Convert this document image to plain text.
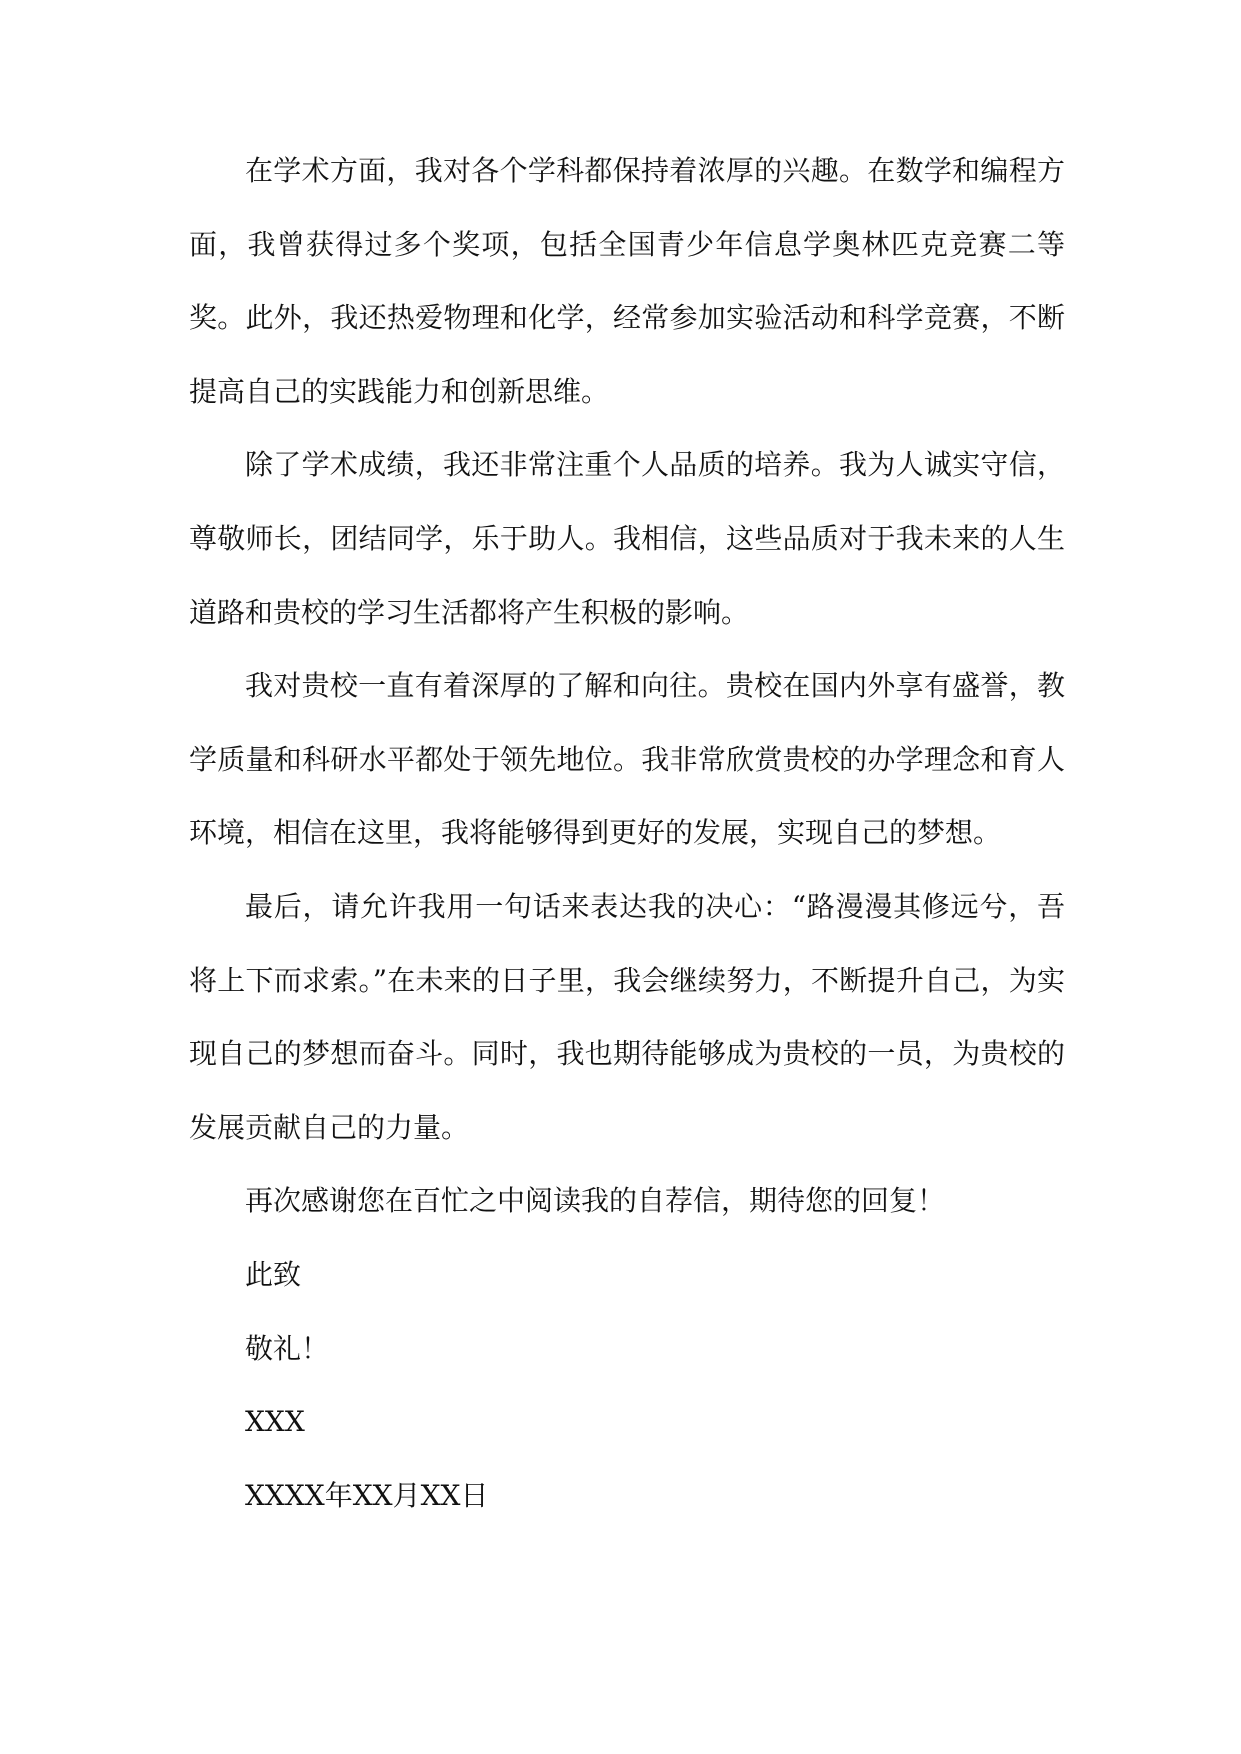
在学术方面，我对各个学科都保持着浓厚的兴趣。在数学和编程方面，我曾获得过多个奖项，包括全国青少年信息学奥林匹克竞赛二等奖。此外，我还热爱物理和化学，经常参加实验活动和科学竞赛，不断提高自己的实践能力和创新思维。

除了学术成绩，我还非常注重个人品质的培养。我为人诚实守信，尊敬师长，团结同学，乐于助人。我相信，这些品质对于我未来的人生道路和贵校的学习生活都将产生积极的影响。

我对贵校一直有着深厚的了解和向往。贵校在国内外享有盛誉，教学质量和科研水平都处于领先地位。我非常欣赏贵校的办学理念和育人环境，相信在这里，我将能够得到更好的发展，实现自己的梦想。

最后，请允许我用一句话来表达我的决心：“路漫漫其修远兮，吾将上下而求索。”在未来的日子里，我会继续努力，不断提升自己，为实现自己的梦想而奋斗。同时，我也期待能够成为贵校的一员，为贵校的发展贡献自己的力量。

再次感谢您在百忙之中阅读我的自荐信，期待您的回复！

此致

敬礼！

XXX

XXXX年XX月XX日
